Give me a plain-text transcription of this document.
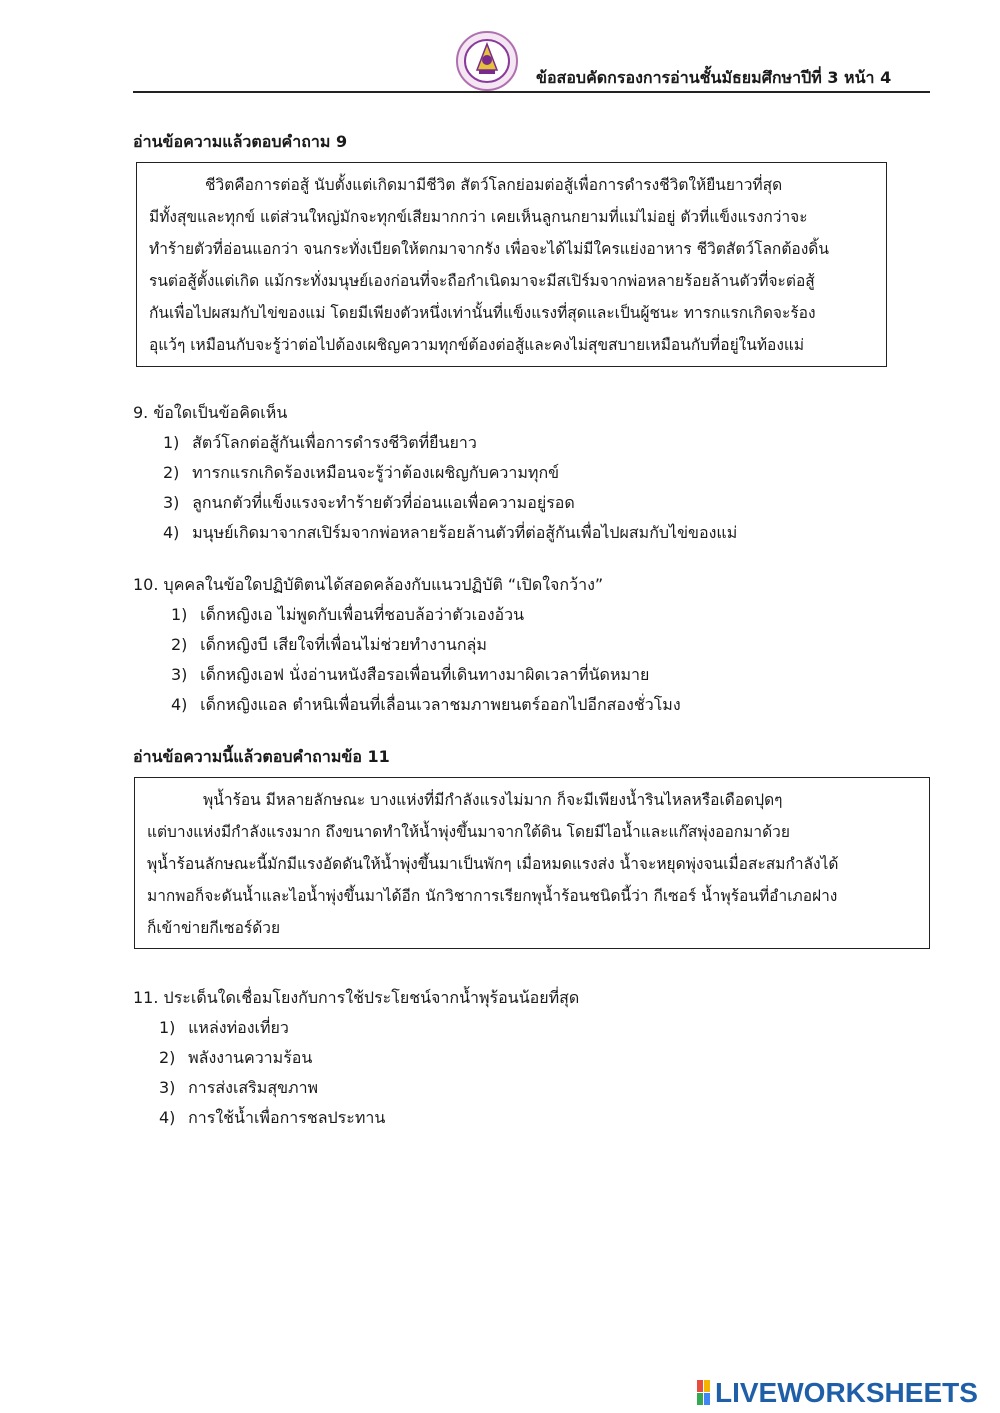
ข้อสอบคัดกรองการอ่านชั้นมัธยมศึกษาปีที่ 3 หน้า 4
อ่านข้อความแล้วตอบคำถาม 9
ชีวิตคือการต่อสู้ นับตั้งแต่เกิดมามีชีวิต สัตว์โลกย่อมต่อสู้เพื่อการดำรงชีวิตให้ยืนยาวที่สุด
มีทั้งสุขและทุกข์ แต่ส่วนใหญ่มักจะทุกข์เสียมากกว่า เคยเห็นลูกนกยามที่แม่ไม่อยู่ ตัวที่แข็งแรงกว่าจะ
ทำร้ายตัวที่อ่อนแอกว่า จนกระทั่งเบียดให้ตกมาจากรัง เพื่อจะได้ไม่มีใครแย่งอาหาร ชีวิตสัตว์โลกต้องดิ้น
รนต่อสู้ตั้งแต่เกิด แม้กระทั่งมนุษย์เองก่อนที่จะถือกำเนิดมาจะมีสเปิร์มจากพ่อหลายร้อยล้านตัวที่จะต่อสู้
กันเพื่อไปผสมกับไข่ของแม่ โดยมีเพียงตัวหนึ่งเท่านั้นที่แข็งแรงที่สุดและเป็นผู้ชนะ ทารกแรกเกิดจะร้อง
อุแว้ๆ เหมือนกับจะรู้ว่าต่อไปต้องเผชิญความทุกข์ต้องต่อสู้และคงไม่สุขสบายเหมือนกับที่อยู่ในท้องแม่
9. ข้อใดเป็นข้อคิดเห็น
1) สัตว์โลกต่อสู้กันเพื่อการดำรงชีวิตที่ยืนยาว
2) ทารกแรกเกิดร้องเหมือนจะรู้ว่าต้องเผชิญกับความทุกข์
3) ลูกนกตัวที่แข็งแรงจะทำร้ายตัวที่อ่อนแอเพื่อความอยู่รอด
4) มนุษย์เกิดมาจากสเปิร์มจากพ่อหลายร้อยล้านตัวที่ต่อสู้กันเพื่อไปผสมกับไข่ของแม่
10. บุคคลในข้อใดปฏิบัติตนได้สอดคล้องกับแนวปฏิบัติ “เปิดใจกว้าง”
1) เด็กหญิงเอ ไม่พูดกับเพื่อนที่ชอบล้อว่าตัวเองอ้วน
2) เด็กหญิงบี เสียใจที่เพื่อนไม่ช่วยทำงานกลุ่ม
3) เด็กหญิงเอฟ นั่งอ่านหนังสือรอเพื่อนที่เดินทางมาผิดเวลาที่นัดหมาย
4) เด็กหญิงแอล ตำหนิเพื่อนที่เลื่อนเวลาชมภาพยนตร์ออกไปอีกสองชั่วโมง
อ่านข้อความนี้แล้วตอบคำถามข้อ 11
พุน้ำร้อน มีหลายลักษณะ บางแห่งที่มีกำลังแรงไม่มาก ก็จะมีเพียงน้ำรินไหลหรือเดือดปุดๆ
แต่บางแห่งมีกำลังแรงมาก ถึงขนาดทำให้น้ำพุ่งขึ้นมาจากใต้ดิน โดยมีไอน้ำและแก๊สพุ่งออกมาด้วย
พุน้ำร้อนลักษณะนี้มักมีแรงอัดดันให้น้ำพุ่งขึ้นมาเป็นพักๆ เมื่อหมดแรงส่ง น้ำจะหยุดพุ่งจนเมื่อสะสมกำลังได้
มากพอก็จะดันน้ำและไอน้ำพุ่งขึ้นมาได้อีก นักวิชาการเรียกพุน้ำร้อนชนิดนี้ว่า กีเซอร์ น้ำพุร้อนที่อำเภอฝาง
ก็เข้าข่ายกีเซอร์ด้วย
11. ประเด็นใดเชื่อมโยงกับการใช้ประโยชน์จากน้ำพุร้อนน้อยที่สุด
1) แหล่งท่องเที่ยว
2) พลังงานความร้อน
3) การส่งเสริมสุขภาพ
4) การใช้น้ำเพื่อการชลประทาน
LIVEWORKSHEETS
